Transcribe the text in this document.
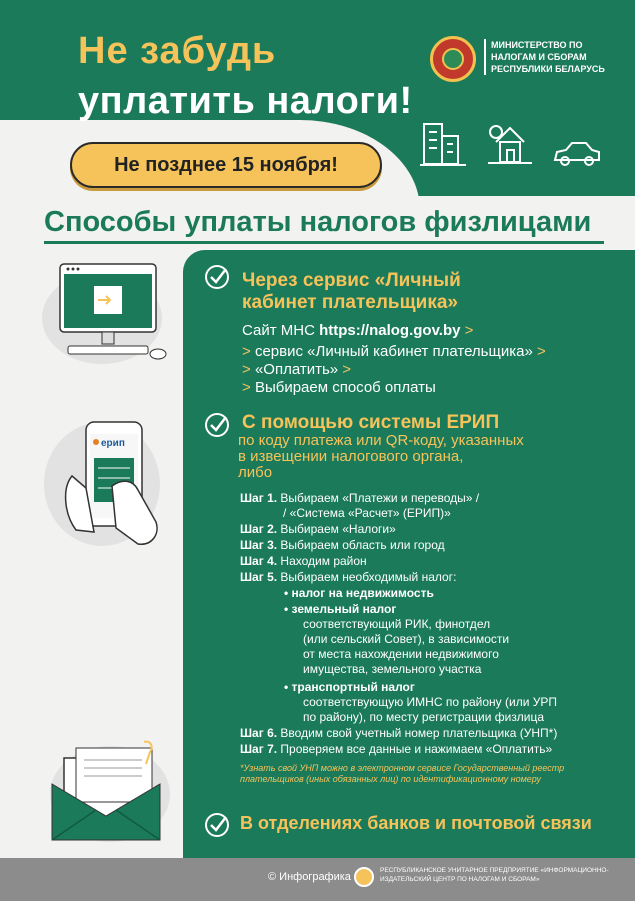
Не забудь
уплатить налоги!
Не позднее 15 ноября!
МИНИСТЕРСТВО ПО НАЛОГАМ И СБОРАМ РЕСПУБЛИКИ БЕЛАРУСЬ
Способы уплаты налогов физлицами
Через сервис «Личный
кабинет плательщика»
Сайт МНС https://nalog.gov.by >
> сервис «Личный кабинет плательщика» >
> «Оплатить» >
> Выбираем способ оплаты
С помощью системы ЕРИП
по коду платежа или QR-коду, указанных
в извещении налогового органа,
либо
Шаг 1. Выбираем «Платежи и переводы» /
/ «Система «Расчет» (ЕРИП)»
Шаг 2. Выбираем «Налоги»
Шаг 3. Выбираем область или город
Шаг 4. Находим район
Шаг 5. Выбираем необходимый налог:
• налог на недвижимость
• земельный налог
соответствующий РИК, финотдел
(или сельский Совет), в зависимости
от места нахождении недвижимого
имущества, земельного участка
• транспортный налог
соответствующую ИМНС по району (или УРП
по району), по месту регистрации физлица
Шаг 6. Вводим свой учетный номер плательщика (УНП*)
Шаг 7. Проверяем все данные и нажимаем «Оплатить»
*Узнать свой УНП можно в электронном сервисе Государственный реестр плательщиков (иных обязанных лиц) по идентификационному номеру
В отделениях банков и почтовой связи
ерип
© Инфографика
РЕСПУБЛИКАНСКОЕ УНИТАРНОЕ ПРЕДПРИЯТИЕ «ИНФОРМАЦИОННО-ИЗДАТЕЛЬСКИЙ ЦЕНТР ПО НАЛОГАМ И СБОРАМ»
